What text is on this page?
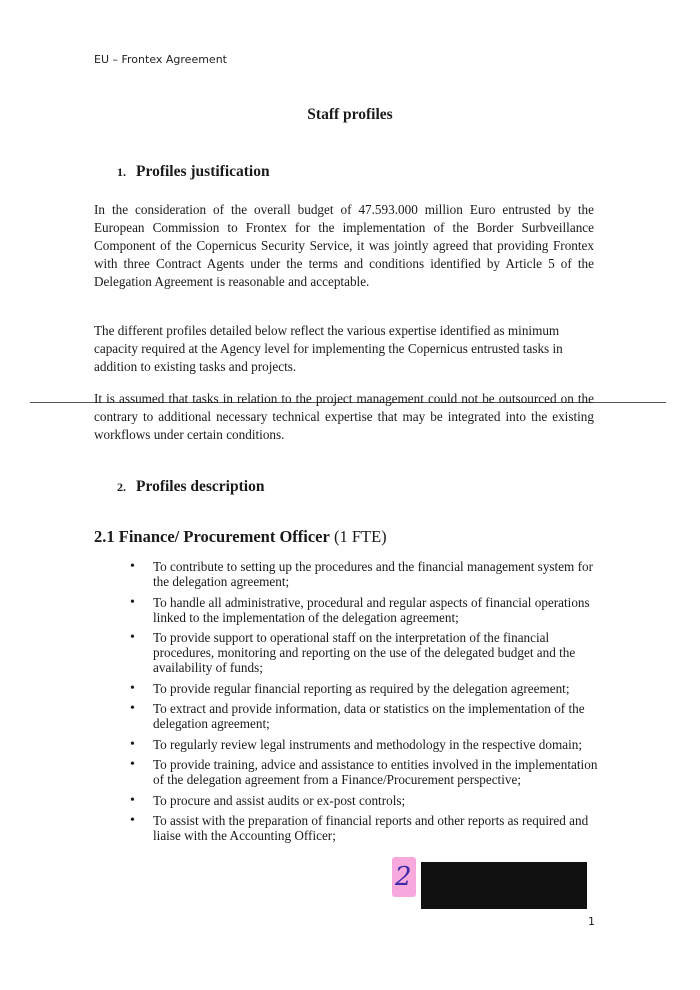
EU – Frontex Agreement
Staff profiles
1. Profiles justification
In the consideration of the overall budget of 47.593.000 million Euro entrusted by the European Commission to Frontex for the implementation of the Border Surbveillance Component of the Copernicus Security Service, it was jointly agreed that providing Frontex with three Contract Agents under the terms and conditions identified by Article 5 of the Delegation Agreement is reasonable and acceptable.
The different profiles detailed below reflect the various expertise identified as minimum capacity required at the Agency level for implementing the Copernicus entrusted tasks in addition to existing tasks and projects.
It is assumed that tasks in relation to the project management could not be outsourced on the contrary to additional necessary technical expertise that may be integrated into the existing workflows under certain conditions.
2. Profiles description
2.1 Finance/ Procurement Officer (1 FTE)
• To contribute to setting up the procedures and the financial management system for the delegation agreement;
• To handle all administrative, procedural and regular aspects of financial operations linked to the implementation of the delegation agreement;
• To provide support to operational staff on the interpretation of the financial procedures, monitoring and reporting on the use of the delegated budget and the availability of funds;
• To provide regular financial reporting as required by the delegation agreement;
• To extract and provide information, data or statistics on the implementation of the delegation agreement;
• To regularly review legal instruments and methodology in the respective domain;
• To provide training, advice and assistance to entities involved in the implementation of the delegation agreement from a Finance/Procurement perspective;
• To procure and assist audits or ex-post controls;
• To assist with the preparation of financial reports and other reports as required and liaise with the Accounting Officer;
2
1
